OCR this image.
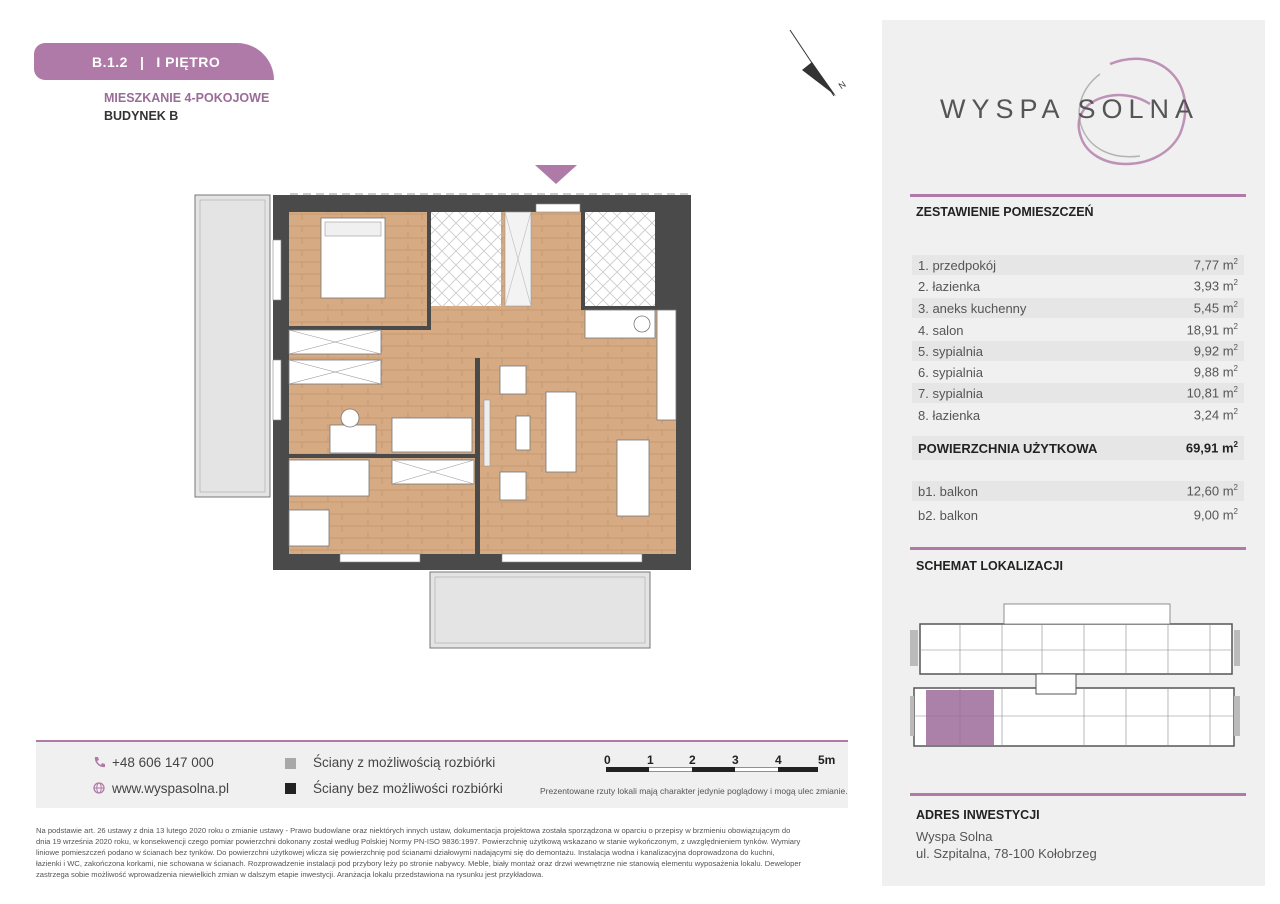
B.1.2 | I PIĘTRO
MIESZKANIE 4-POKOJOWE
BUDYNEK B
N
WYSPA SOLNA
ZESTAWIENIE POMIESZCZEŃ
1. przedpokój	7,77 $m^2$
2. łazienka	3,93 $m^2$
3. aneks kuchenny	5,45 $m^2$
4. salon	18,91 $m^2$
5. sypialnia	9,92 $m^2$
6. sypialnia	9,88 $m^2$
7. sypialnia	10,81 $m^2$
8. łazienka	3,24 $m^2$
POWIERZCHNIA UŻYTKOWA	69,91 $m^2$
b1. balkon	12,60 $m^2$
b2. balkon	9,00 $m^2$
SCHEMAT LOKALIZACJI
ADRES INWESTYCJI
Wyspa Solna
ul. Szpitalna, 78-100 Kołobrzeg
+48 606 147 000
www.wyspasolna.pl
Ściany z możliwością rozbiórki
Ściany bez możliwości rozbiórki
0	1	2	3	4	5m
Prezentowane rzuty lokali mają charakter jedynie poglądowy i mogą ulec zmianie.
Na podstawie art. 26 ustawy z dnia 13 lutego 2020 roku o zmianie ustawy - Prawo budowlane oraz niektórych innych ustaw, dokumentacja projektowa została sporządzona w oparciu o przepisy w brzmieniu obowiązującym do
dnia 19 września 2020 roku, w konsekwencji czego pomiar powierzchni dokonany został według Polskiej Normy PN-ISO 9836:1997. Powierzchnię użytkową wskazano w stanie wykończonym, z uwzględnieniem tynków. Wymiary
liniowe pomieszczeń podano w ścianach bez tynków. Do powierzchni użytkowej wlicza się powierzchnię pod ścianami działowymi nadającymi się do demontażu. Instalacja wodna i kanalizacyjna doprowadzona do kuchni,
łazienki i WC, zakończona korkami, nie schowana w ścianach. Rozprowadzenie instalacji pod przybory leży po stronie nabywcy. Meble, biały montaż oraz drzwi wewnętrzne nie stanowią elementu wyposażenia lokalu. Deweloper
zastrzega sobie możliwość wprowadzenia niewielkich zmian w dalszym etapie inwestycji. Aranżacja lokalu przedstawiona na rysunku jest przykładowa.
